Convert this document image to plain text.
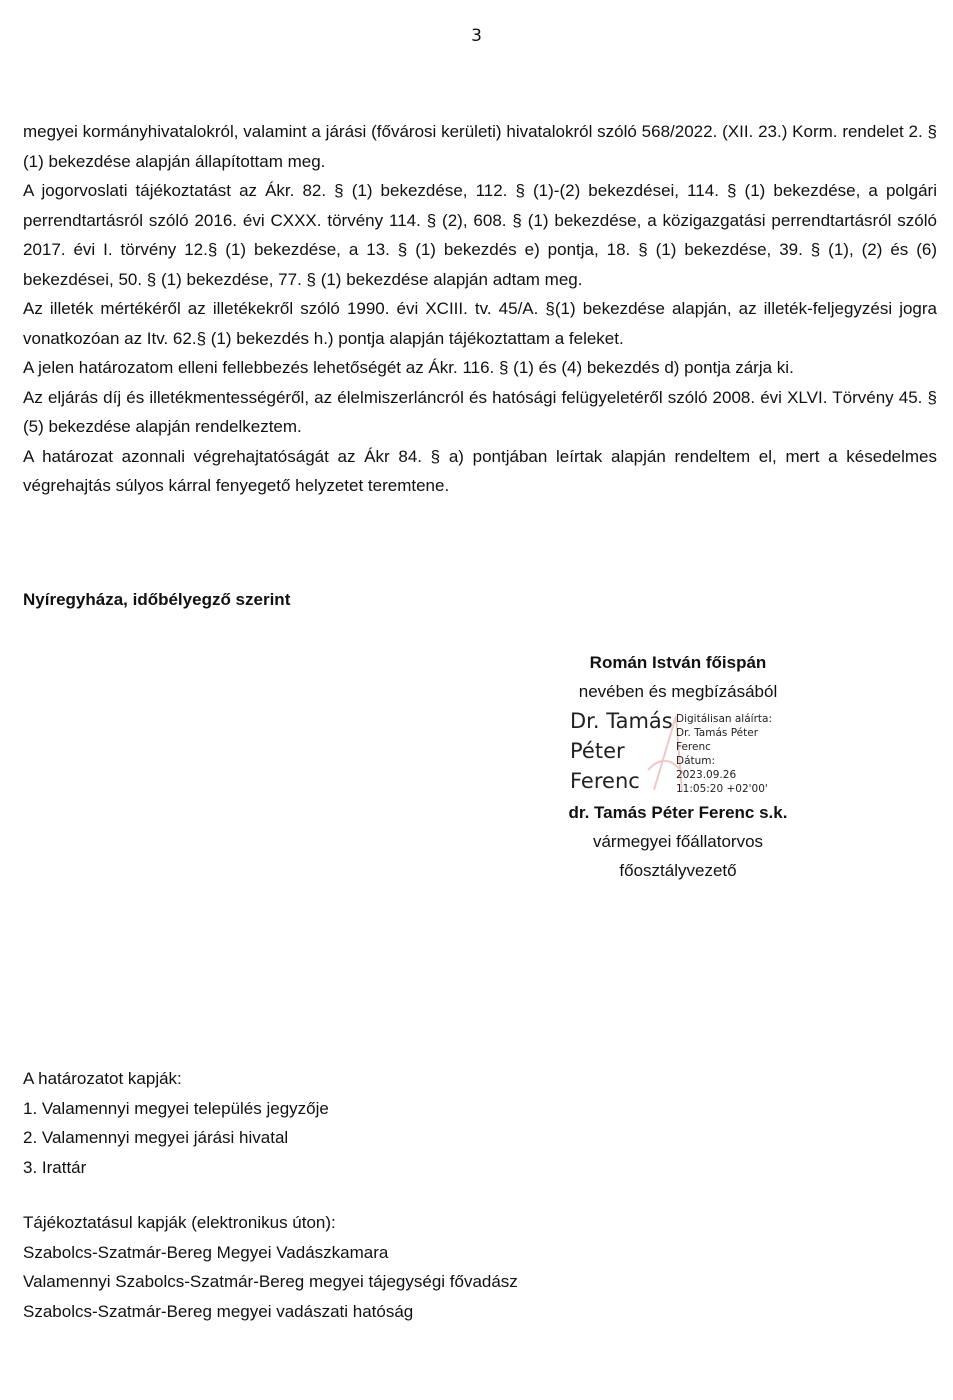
3

megyei kormányhivatalokról, valamint a járási (fővárosi kerületi) hivatalokról szóló 568/2022. (XII. 23.) Korm. rendelet 2. § (1) bekezdése alapján állapítottam meg.

A jogorvoslati tájékoztatást az Ákr. 82. § (1) bekezdése, 112. § (1)-(2) bekezdései, 114. § (1) bekezdése, a polgári perrendtartásról szóló 2016. évi CXXX. törvény 114. § (2), 608. § (1) bekezdése, a közigazgatási perrendtartásról szóló 2017. évi I. törvény 12.§ (1) bekezdése, a 13. § (1) bekezdés e) pontja, 18. § (1) bekezdése, 39. § (1), (2) és (6) bekezdései, 50. § (1) bekezdése, 77. § (1) bekezdése alapján adtam meg.

Az illeték mértékéről az illetékekről szóló 1990. évi XCIII. tv. 45/A. §(1) bekezdése alapján, az illeték-feljegyzési jogra vonatkozóan az Itv. 62.§ (1) bekezdés h.) pontja alapján tájékoztattam a feleket.

A jelen határozatom elleni fellebbezés lehetőségét az Ákr. 116. § (1) és (4) bekezdés d) pontja zárja ki.

Az eljárás díj és illetékmentességéről, az élelmiszerláncról és hatósági felügyeletéről szóló 2008. évi XLVI. Törvény 45. § (5) bekezdése alapján rendelkeztem.

A határozat azonnali végrehajtatóságát az Ákr 84. § a) pontjában leírtak alapján rendeltem el, mert a késedelmes végrehajtás súlyos kárral fenyegető helyzetet teremtene.

Nyíregyháza, időbélyegző szerint
Román István főispán
nevében és megbízásából
Dr. Tamás
Péter
Ferenc
Digitálisan aláírta:
Dr. Tamás Péter
Ferenc
Dátum:
2023.09.26
11:05:20 +02'00'
dr. Tamás Péter Ferenc s.k.
vármegyei főállatorvos
főosztályvezető
A határozatot kapják:
1. Valamennyi megyei település jegyzője
2. Valamennyi megyei járási hivatal
3. Irattár
Tájékoztatásul kapják (elektronikus úton):
Szabolcs-Szatmár-Bereg Megyei Vadászkamara
Valamennyi Szabolcs-Szatmár-Bereg megyei tájegységi fővadász
Szabolcs-Szatmár-Bereg megyei vadászati hatóság
